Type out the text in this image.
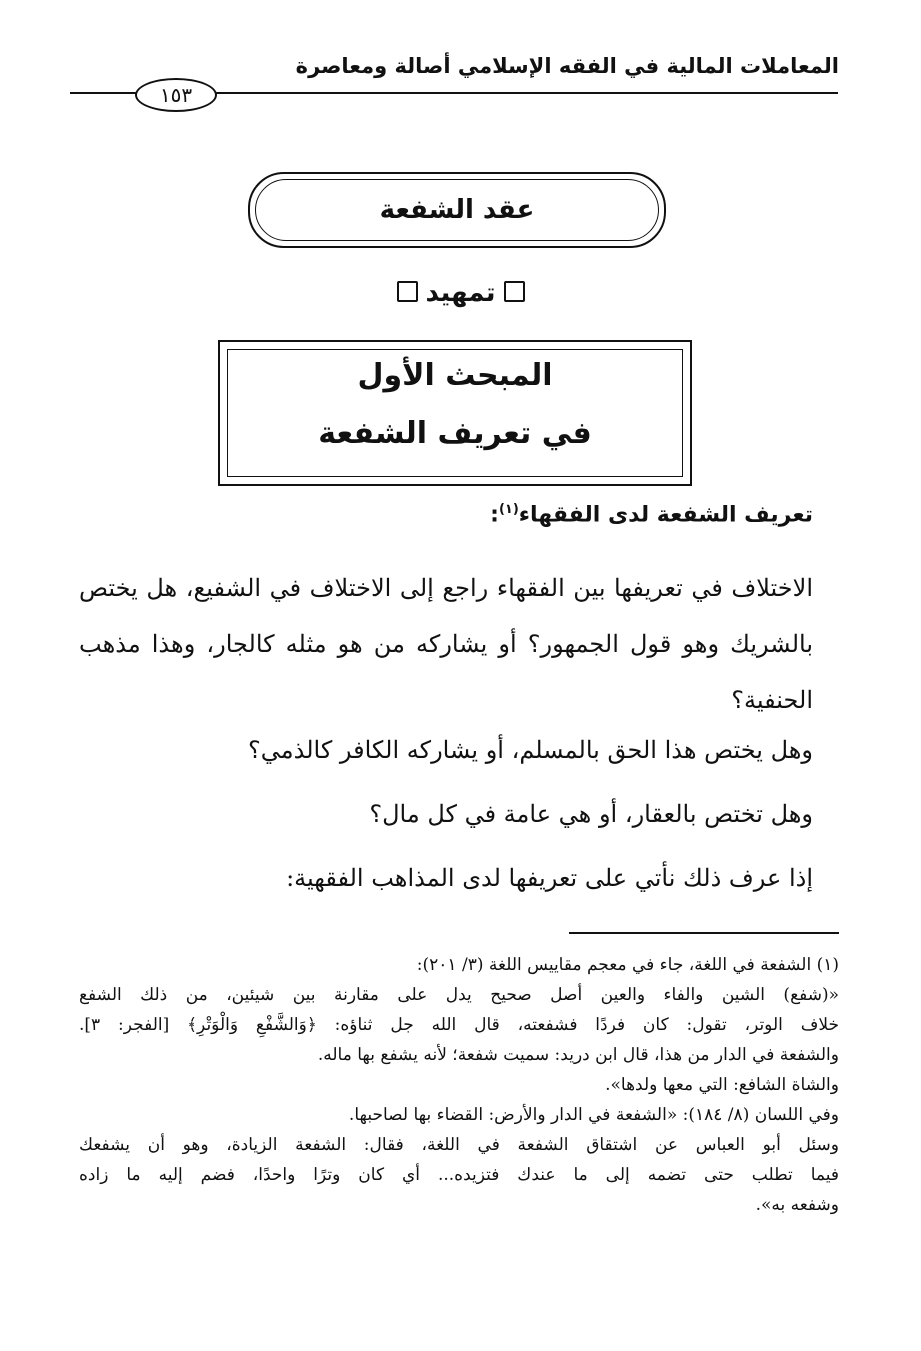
المعاملات المالية في الفقه الإسلامي أصالة ومعاصرة
١٥٣
عقد الشفعة
تمهيد
المبحث الأول
في تعريف الشفعة
تعريف الشفعة لدى الفقهاء$^{(١)}$:
الاختلاف في تعريفها بين الفقهاء راجع إلى الاختلاف في الشفيع، هل يختص بالشريك وهو قول الجمهور؟ أو يشاركه من هو مثله كالجار، وهذا مذهب الحنفية؟
وهل يختص هذا الحق بالمسلم، أو يشاركه الكافر كالذمي؟
وهل تختص بالعقار، أو هي عامة في كل مال؟
إذا عرف ذلك نأتي على تعريفها لدى المذاهب الفقهية:
(١) الشفعة في اللغة، جاء في معجم مقاييس اللغة (٣/ ٢٠١):
«(شفع) الشين والفاء والعين أصل صحيح يدل على مقارنة بين شيئين، من ذلك الشفع
خلاف الوتر، تقول: كان فردًا فشفعته، قال الله جل ثناؤه: ﴿وَالشَّفْعِ وَالْوَتْرِ﴾ [الفجر: ٣].
والشفعة في الدار من هذا، قال ابن دريد: سميت شفعة؛ لأنه يشفع بها ماله.
والشاة الشافع: التي معها ولدها».
وفي اللسان (٨/ ١٨٤): «الشفعة في الدار والأرض: القضاء بها لصاحبها.
وسئل أبو العباس عن اشتقاق الشفعة في اللغة، فقال: الشفعة الزيادة، وهو أن يشفعك
فيما تطلب حتى تضمه إلى ما عندك فتزيده... أي كان وترًا واحدًا، فضم إليه ما زاده
وشفعه به».
